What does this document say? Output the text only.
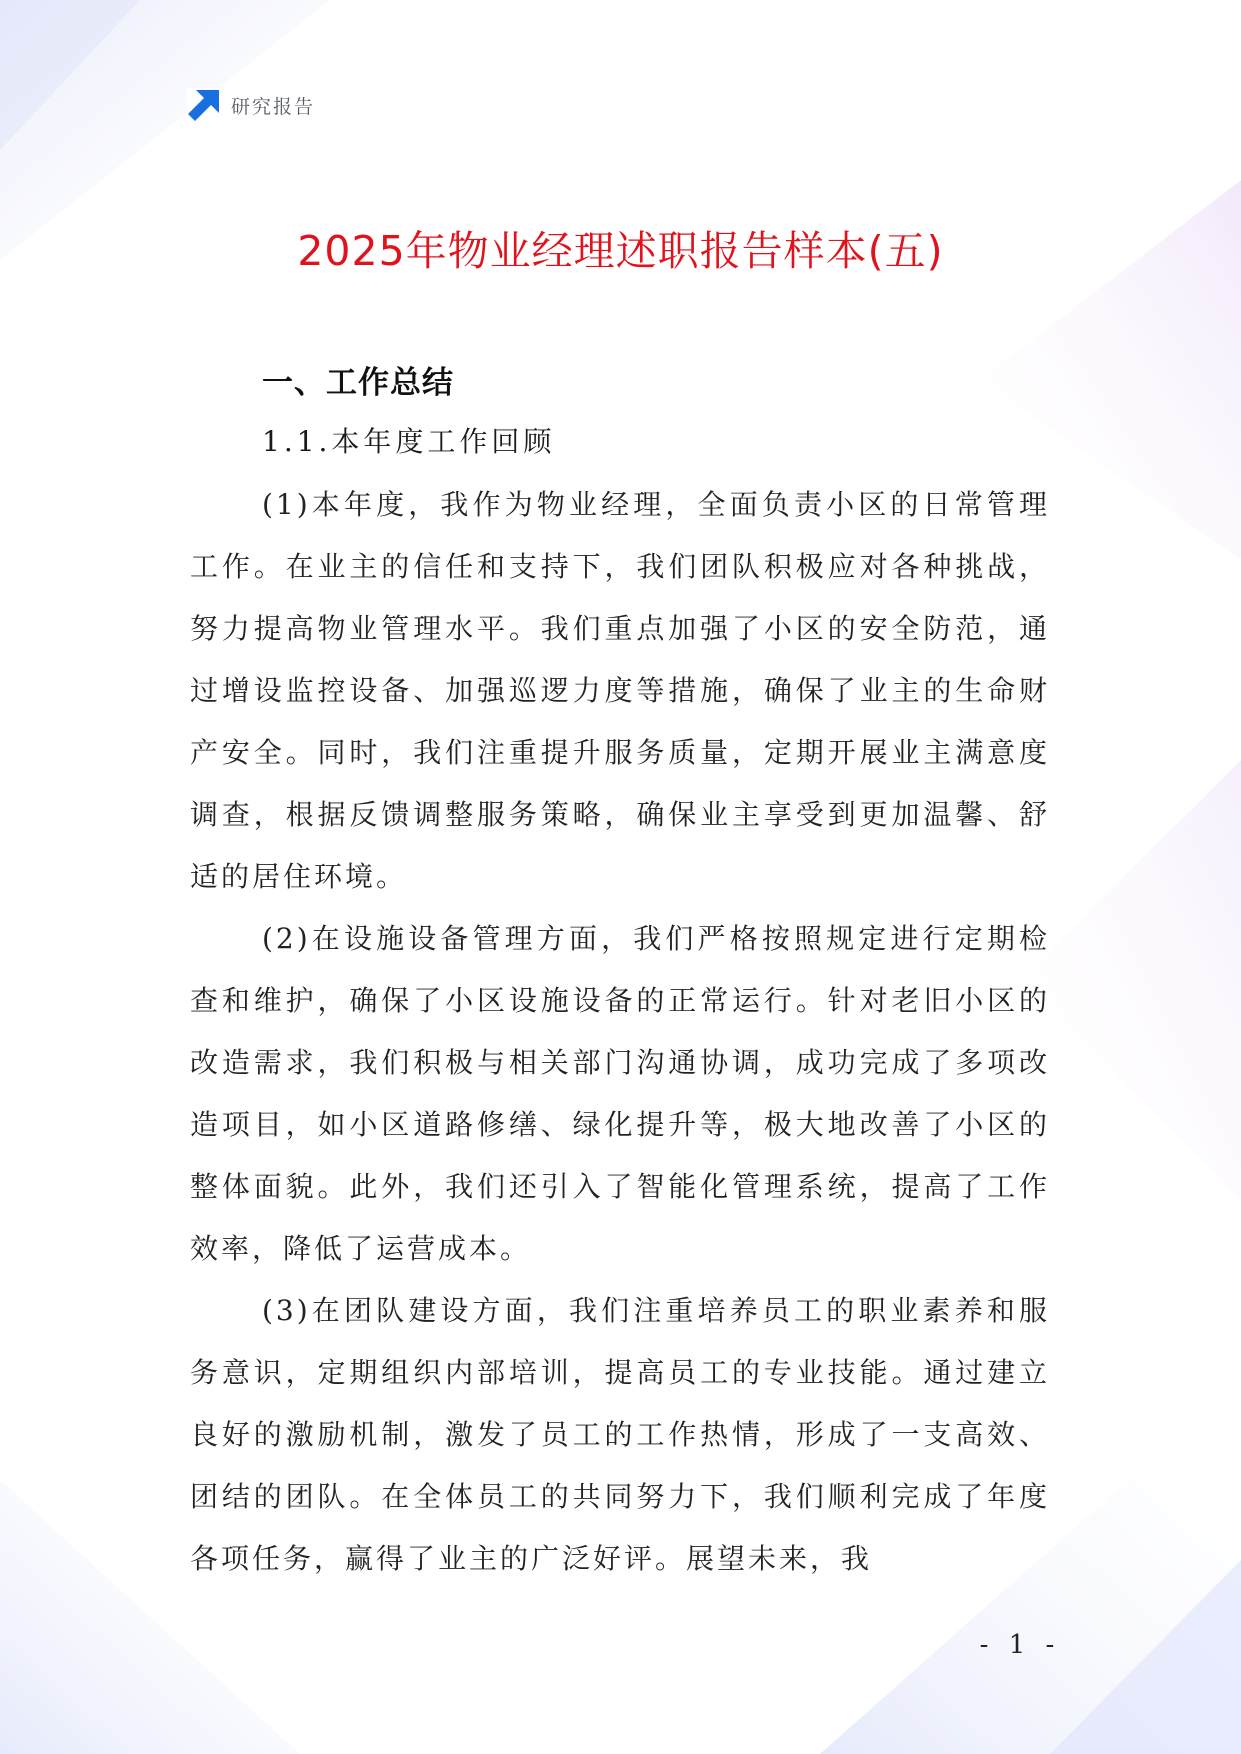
研究报告
2025年物业经理述职报告样本(五)
一、工作总结
1.1.本年度工作回顾

(1)本年度，我作为物业经理，全面负责小区的日常管理工作。在业主的信任和支持下，我们团队积极应对各种挑战，努力提高物业管理水平。我们重点加强了小区的安全防范，通过增设监控设备、加强巡逻力度等措施，确保了业主的生命财产安全。同时，我们注重提升服务质量，定期开展业主满意度调查，根据反馈调整服务策略，确保业主享受到更加温馨、舒适的居住环境。

(2)在设施设备管理方面，我们严格按照规定进行定期检查和维护，确保了小区设施设备的正常运行。针对老旧小区的改造需求，我们积极与相关部门沟通协调，成功完成了多项改造项目，如小区道路修缮、绿化提升等，极大地改善了小区的整体面貌。此外，我们还引入了智能化管理系统，提高了工作效率，降低了运营成本。

(3)在团队建设方面，我们注重培养员工的职业素养和服务意识，定期组织内部培训，提高员工的专业技能。通过建立良好的激励机制，激发了员工的工作热情，形成了一支高效、团结的团队。在全体员工的共同努力下，我们顺利完成了年度各项任务，赢得了业主的广泛好评。展望未来，我

- 1 -
